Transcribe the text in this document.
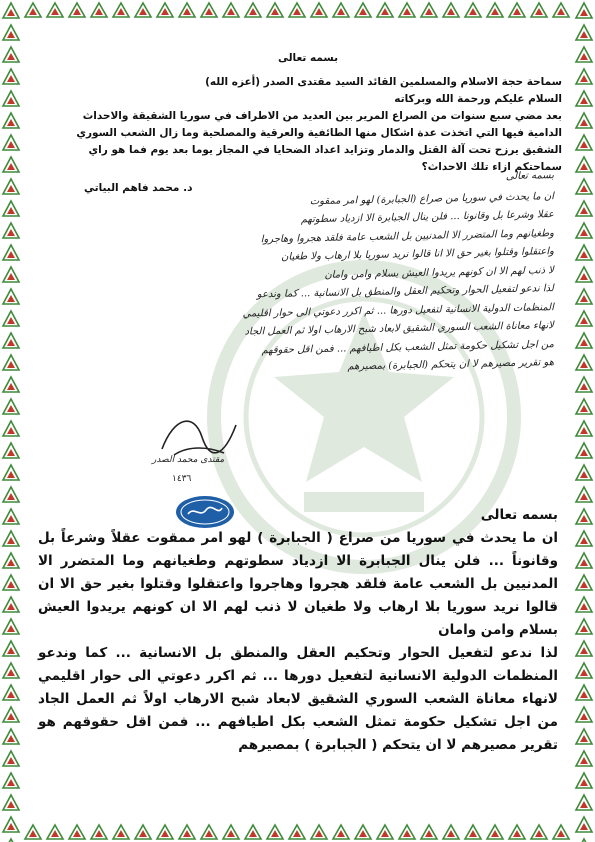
بسمه تعالى
سماحة حجة الاسلام والمسلمين القائد السيد مقتدى الصدر (أعزه الله)
السلام عليكم ورحمة الله وبركاته
بعد مضي سبع سنوات من الصراع المرير بين العديد من الاطراف في سوريا الشقيقة والاحداث الدامية فيها التي اتخذت عدة اشكال منها الطائفية والعرقية والمصلحية وما زال الشعب السوري الشقيق يرزح تحت آلة القتل والدمار وتزايد اعداد الضحايا في المجاز يوما بعد يوم فما هو راي سماحتكم ازاء تلك الاحداث؟
د. محمد فاهم البياتي
بسمه تعالى
ان ما يحدث في سوريا من صراع (الجبابرة) لهو امر ممقوت
عقلا وشرعا بل وقانونا ... فلن ينال الجبابرة الا ازدياد سطوتهم
وطغيانهم وما المتضرر الا المدنيين بل الشعب عامة فلقد هجروا وهاجروا
واعتقلوا وقتلوا بغير حق الا انا قالوا نريد سوريا بلا ارهاب ولا طغيان
لا ذنب لهم الا ان كونهم يريدوا العيش بسلام وامن وامان
لذا ندعو لتفعيل الحوار وتحكيم العقل والمنطق بل الانسانية ... كما وندعو
المنظمات الدولية الانسانية لتفعيل دورها ... ثم اكرر دعوتي الى حوار اقليمي
لانهاء معاناة الشعب السوري الشقيق لابعاد شبح الارهاب اولا ثم العمل الجاد
من اجل تشكيل حكومة تمثل الشعب بكل اطيافهم ... فمن اقل حقوقهم
هو تقرير مصيرهم لا ان يتحكم (الجبابرة) بمصيرهم
مقتدى محمد الصدر
١٤٣٦
بسمه تعالى

ان ما يحدث في سوريا من صراع ( الجبابرة ) لهو امر ممقوت عقلاً وشرعاً بل وقانوناً ... فلن ينال الجبابرة الا ازدياد سطوتهم وطغيانهم وما المتضرر الا المدنيين بل الشعب عامة فلقد هجروا وهاجروا واعتقلوا وقتلوا بغير حق الا ان قالوا نريد سوريا بلا ارهاب ولا طغيان لا ذنب لهم الا ان كونهم يريدوا العيش بسلام وامن وامان

لذا ندعو لتفعيل الحوار وتحكيم العقل والمنطق بل الانسانية ... كما وندعو المنظمات الدولية الانسانية لتفعيل دورها ... ثم اكرر دعوتي الى حوار اقليمي لانهاء معاناة الشعب السوري الشقيق لابعاد شبح الارهاب اولاً ثم العمل الجاد من اجل تشكيل حكومة تمثل الشعب بكل اطيافهم ... فمن اقل حقوقهم هو تقرير مصيرهم لا ان يتحكم ( الجبابرة ) بمصيرهم
